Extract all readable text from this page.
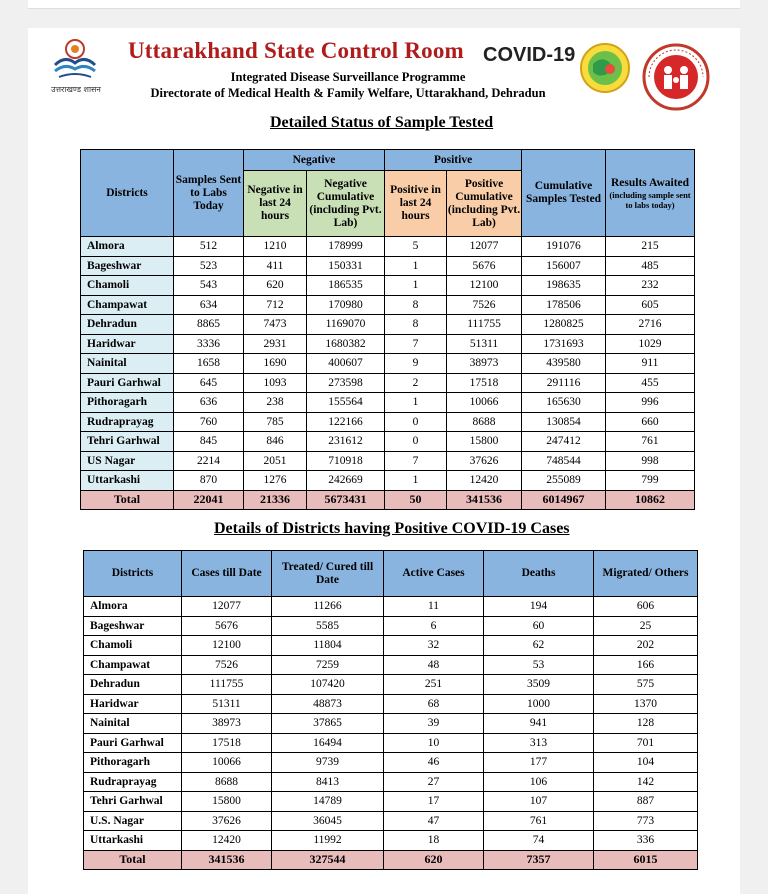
उत्तराखण्ड शासन
Uttarakhand State Control Room COVID-19
Integrated Disease Surveillance Programme
Directorate of Medical Health & Family Welfare, Uttarakhand, Dehradun
Detailed Status of Sample Tested
Districts	Samples Sent to Labs Today	Negative		Positive		Cumulative Samples Tested	Results Awaited
(including sample sent to labs today)

		Negative in last 24 hours	Negative Cumulative (including Pvt. Lab)	Positive in last 24 hours	Positive Cumulative (including Pvt. Lab)		
Almora	512	1210	178999	5	12077	191076	215
Bageshwar	523	411	150331	1	5676	156007	485
Chamoli	543	620	186535	1	12100	198635	232
Champawat	634	712	170980	8	7526	178506	605
Dehradun	8865	7473	1169070	8	111755	1280825	2716
Haridwar	3336	2931	1680382	7	51311	1731693	1029
Nainital	1658	1690	400607	9	38973	439580	911
Pauri Garhwal	645	1093	273598	2	17518	291116	455
Pithoragarh	636	238	155564	1	10066	165630	996
Rudraprayag	760	785	122166	0	8688	130854	660
Tehri Garhwal	845	846	231612	0	15800	247412	761
US Nagar	2214	2051	710918	7	37626	748544	998
Uttarkashi	870	1276	242669	1	12420	255089	799
Total	22041	21336	5673431	50	341536	6014967	10862
Details of Districts having Positive COVID-19 Cases
Districts	Cases till Date	Treated/ Cured till Date	Active Cases	Deaths	Migrated/ Others
Almora	12077	11266	11	194	606
Bageshwar	5676	5585	6	60	25
Chamoli	12100	11804	32	62	202
Champawat	7526	7259	48	53	166
Dehradun	111755	107420	251	3509	575
Haridwar	51311	48873	68	1000	1370
Nainital	38973	37865	39	941	128
Pauri Garhwal	17518	16494	10	313	701
Pithoragarh	10066	9739	46	177	104
Rudraprayag	8688	8413	27	106	142
Tehri Garhwal	15800	14789	17	107	887
U.S. Nagar	37626	36045	47	761	773
Uttarkashi	12420	11992	18	74	336
Total	341536	327544	620	7357	6015
